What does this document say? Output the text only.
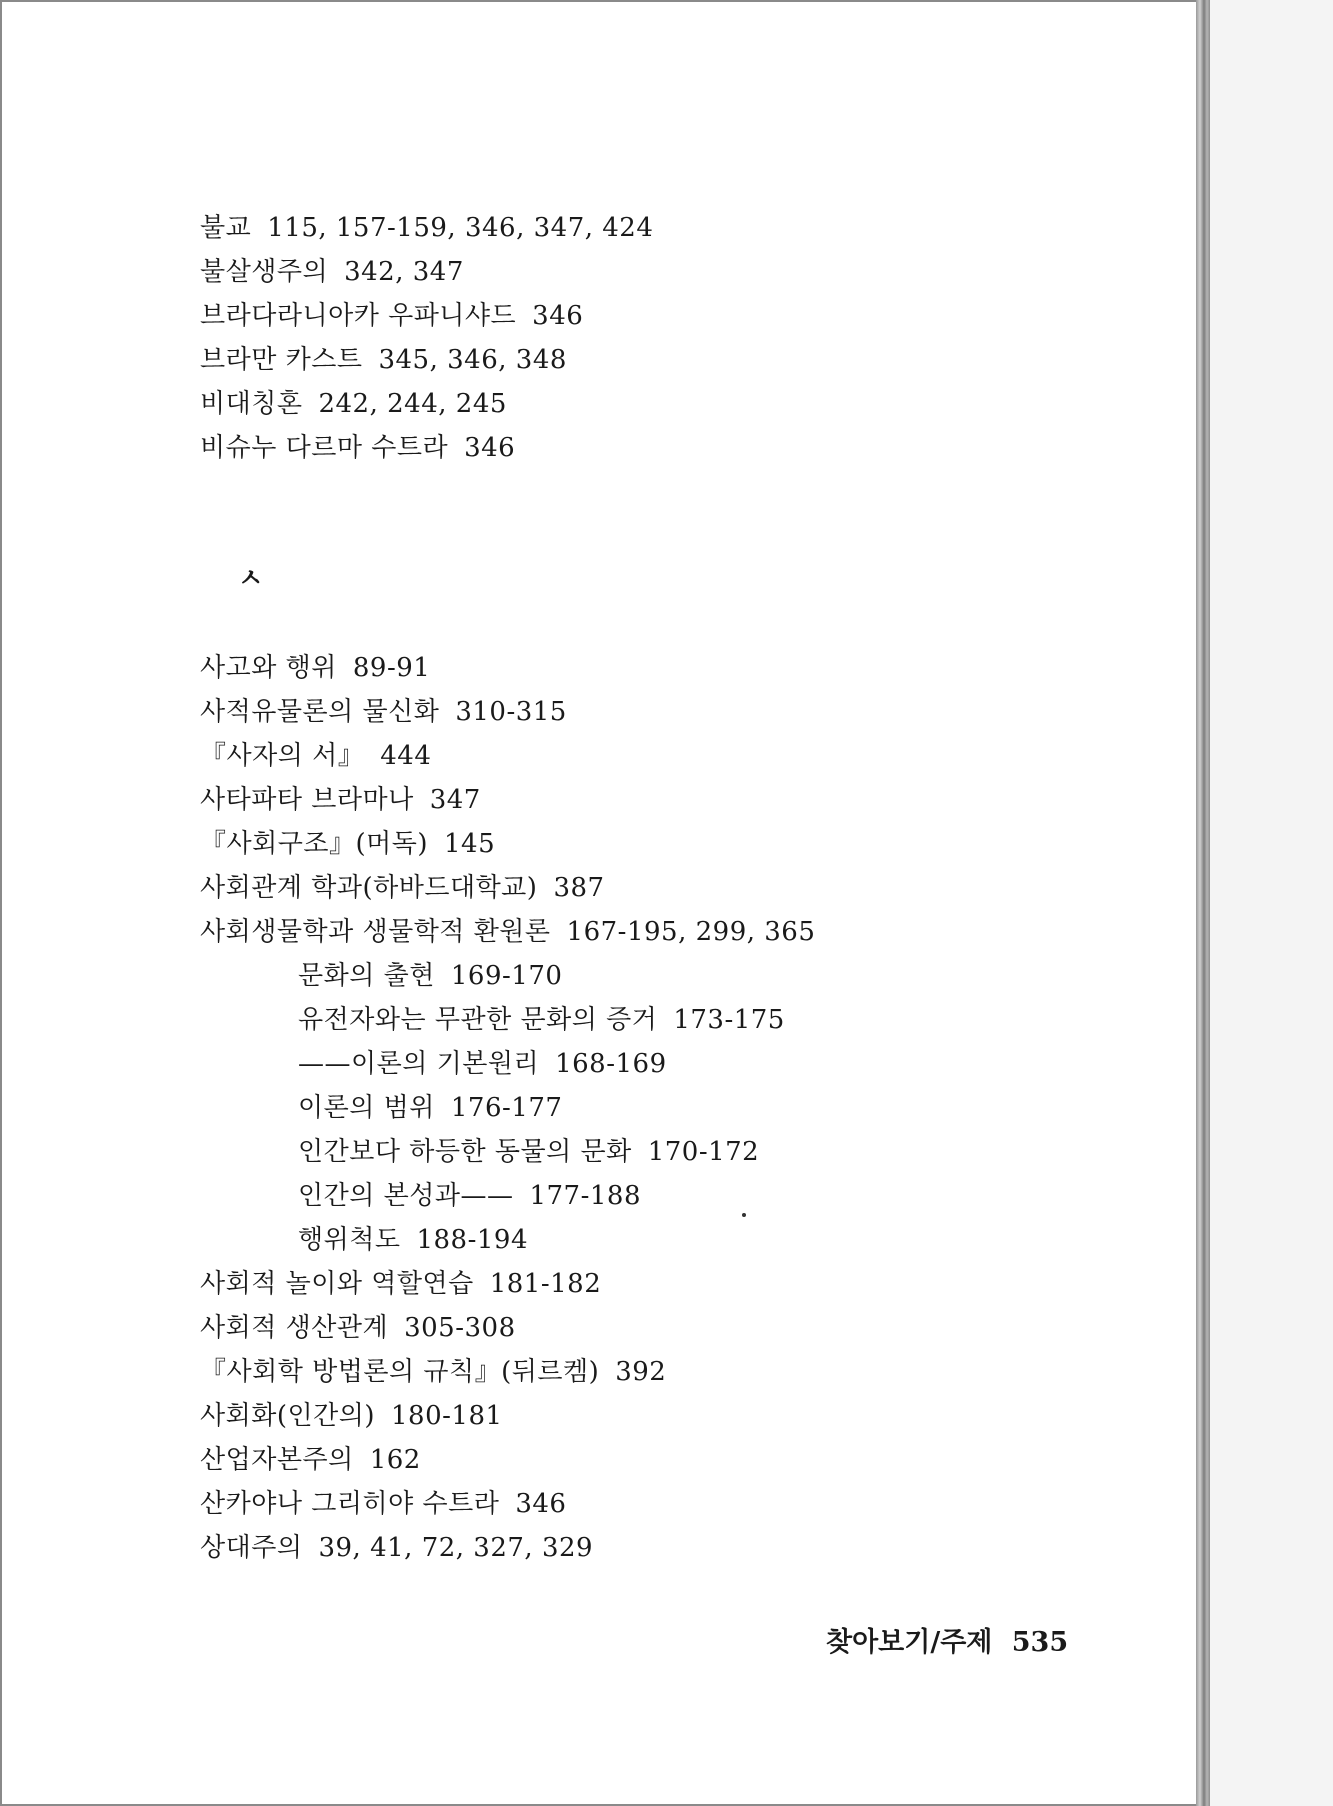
불교 115, 157-159, 346, 347, 424
불살생주의 342, 347
브라다라니아카 우파니샤드 346
브라만 카스트 345, 346, 348
비대칭혼 242, 244, 245
비슈누 다르마 수트라 346
ㅅ
사고와 행위 89-91
사적유물론의 물신화 310-315
『사자의 서』 444
사타파타 브라마나 347
『사회구조』(머독) 145
사회관계 학과(하바드대학교) 387
사회생물학과 생물학적 환원론 167-195, 299, 365
문화의 출현 169-170
유전자와는 무관한 문화의 증거 173-175
——이론의 기본원리 168-169
이론의 범위 176-177
인간보다 하등한 동물의 문화 170-172
인간의 본성과—— 177-188
행위척도 188-194
사회적 놀이와 역할연습 181-182
사회적 생산관계 305-308
『사회학 방법론의 규칙』(뒤르켐) 392
사회화(인간의) 180-181
산업자본주의 162
산카야나 그리히야 수트라 346
상대주의 39, 41, 72, 327, 329
찾아보기/주제 535
